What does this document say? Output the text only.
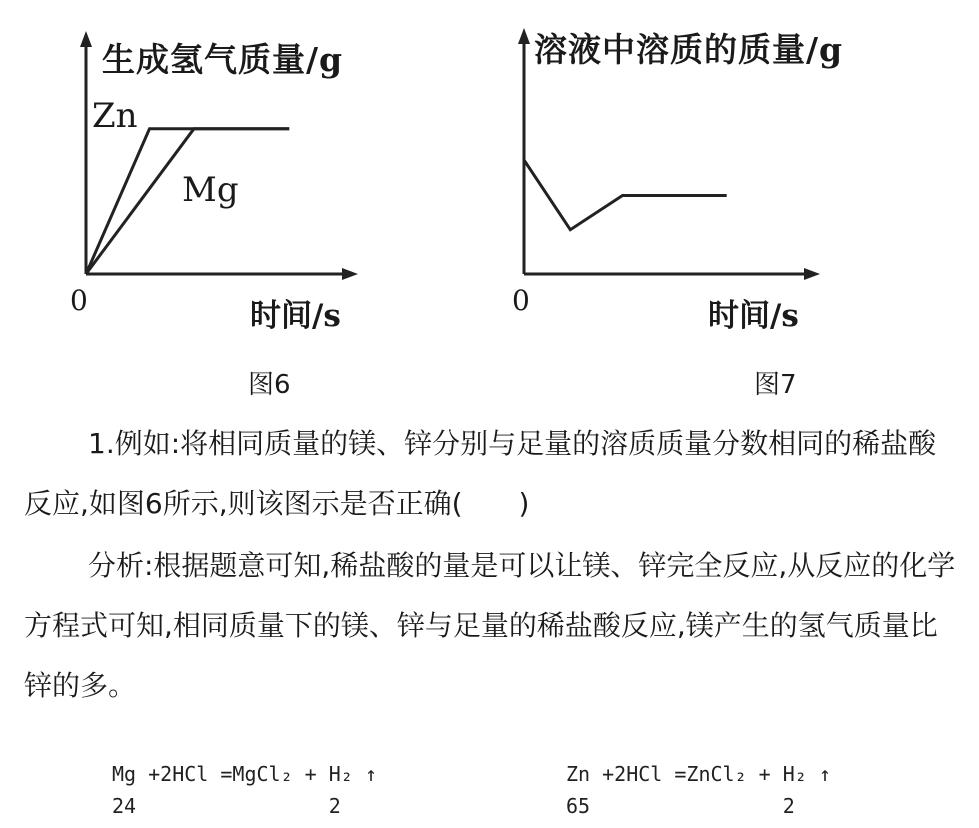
生成氢气质量/g
时间/s
0
Zn
Mg
溶液中溶质的质量/g
时间/s
0
图6	图7

1.例如:将相同质量的镁、锌分别与足量的溶质质量分数相同的稀盐酸反应,如图6所示,则该图示是否正确(　　)

分析:根据题意可知,稀盐酸的量是可以让镁、锌完全反应,从反应的化学方程式可知,相同质量下的镁、锌与足量的稀盐酸反应,镁产生的氢气质量比锌的多。

Mg +2HCl =MgCl₂ + H₂ ↑
24                2
Zn +2HCl =ZnCl₂ + H₂ ↑
65                2
